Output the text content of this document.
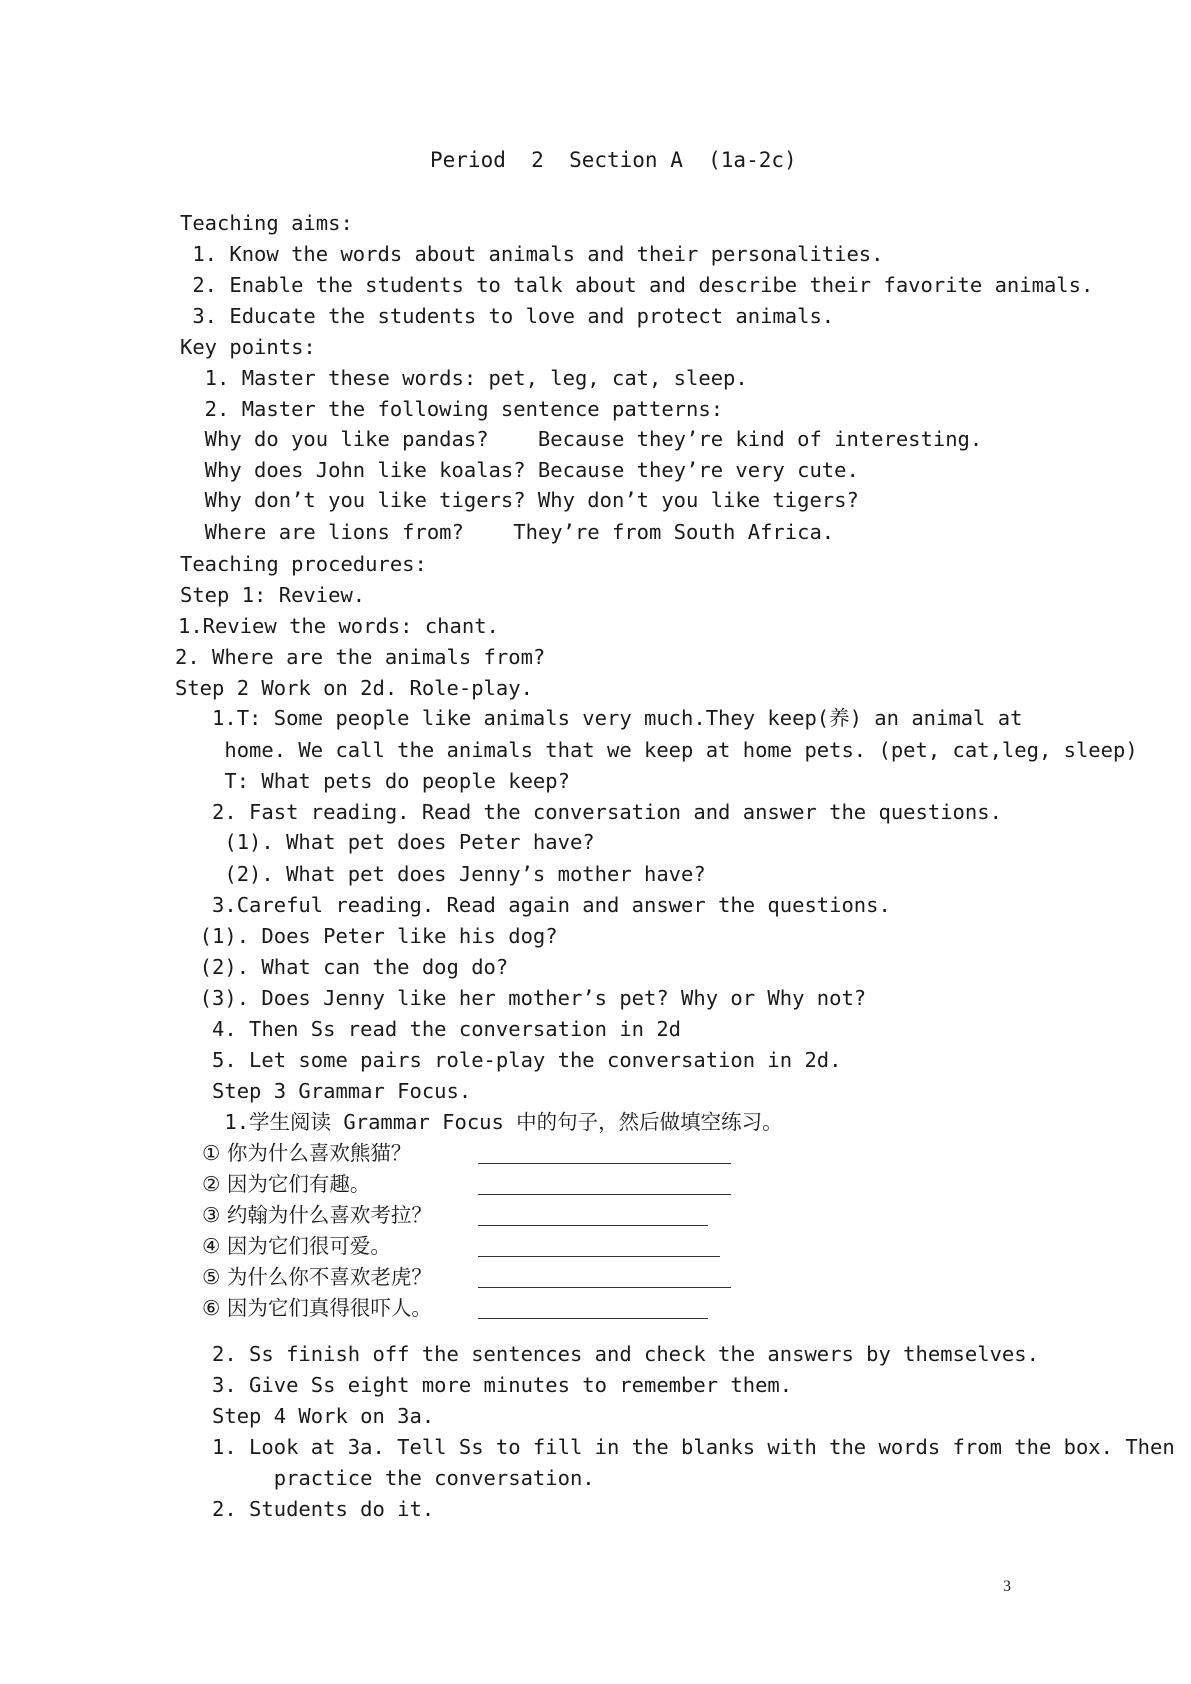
Period  2  Section A  (1a-2c)
Teaching aims:
1. Know the words about animals and their personalities.
2. Enable the students to talk about and describe their favorite animals.
3. Educate the students to love and protect animals.
Key points:
1. Master these words: pet, leg, cat, sleep.
2. Master the following sentence patterns:
Why do you like pandas?    Because they’re kind of interesting.
Why does John like koalas? Because they’re very cute.
Why don’t you like tigers? Why don’t you like tigers?
Where are lions from?    They’re from South Africa.
Teaching procedures:
Step 1: Review.
1.Review the words: chant.
2. Where are the animals from?
Step 2 Work on 2d. Role-play.
1.T: Some people like animals very much.They keep(养) an animal at
home. We call the animals that we keep at home pets. (pet, cat,leg, sleep)
T: What pets do people keep?
2. Fast reading. Read the conversation and answer the questions.
(1). What pet does Peter have?
(2). What pet does Jenny’s mother have?
3.Careful reading. Read again and answer the questions.
(1). Does Peter like his dog?
(2). What can the dog do?
(3). Does Jenny like her mother’s pet? Why or Why not?
4. Then Ss read the conversation in 2d
5. Let some pairs role-play the conversation in 2d.
Step 3 Grammar Focus.
1.学生阅读 Grammar Focus 中的句子，然后做填空练习。
① 你为什么喜欢熊猫？
② 因为它们有趣。
③ 约翰为什么喜欢考拉？
④ 因为它们很可爱。
⑤ 为什么你不喜欢老虎？
⑥ 因为它们真得很吓人。
2. Ss finish off the sentences and check the answers by themselves.
3. Give Ss eight more minutes to remember them.
Step 4 Work on 3a.
1. Look at 3a. Tell Ss to fill in the blanks with the words from the box. Then
practice the conversation.
2. Students do it.
3
